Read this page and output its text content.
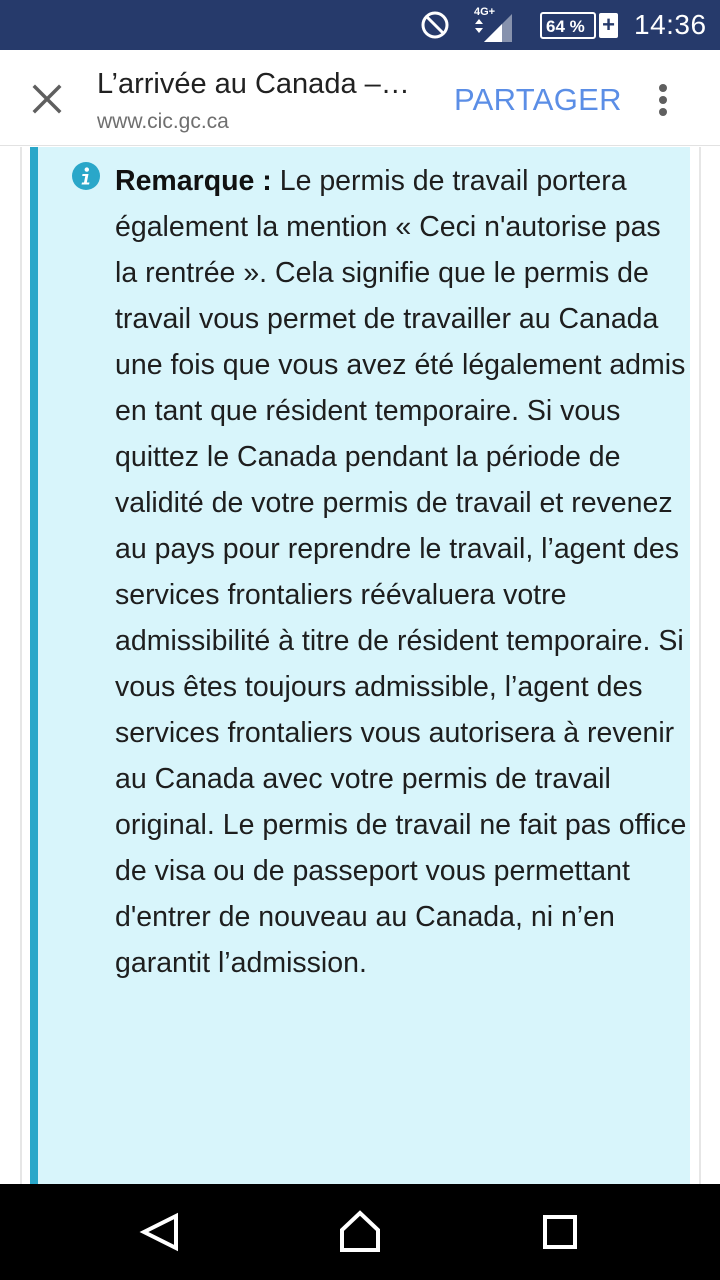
4G+
64 % + 14:36
L’arrivée au Canada –…
www.cic.gc.ca
PARTAGER
Remarque : Le permis de travail portera également la mention « Ceci n'autorise pas la rentrée ». Cela signifie que le permis de travail vous permet de travailler au Canada une fois que vous avez été légalement admis en tant que résident temporaire. Si vous quittez le Canada pendant la période de validité de votre permis de travail et revenez au pays pour reprendre le travail, l’agent des services frontaliers réévaluera votre admissibilité à titre de résident temporaire. Si vous êtes toujours admissible, l’agent des services frontaliers vous autorisera à revenir au Canada avec votre permis de travail original. Le permis de travail ne fait pas office de visa ou de passeport vous permettant d'entrer de nouveau au Canada, ni n’en garantit l’admission.
